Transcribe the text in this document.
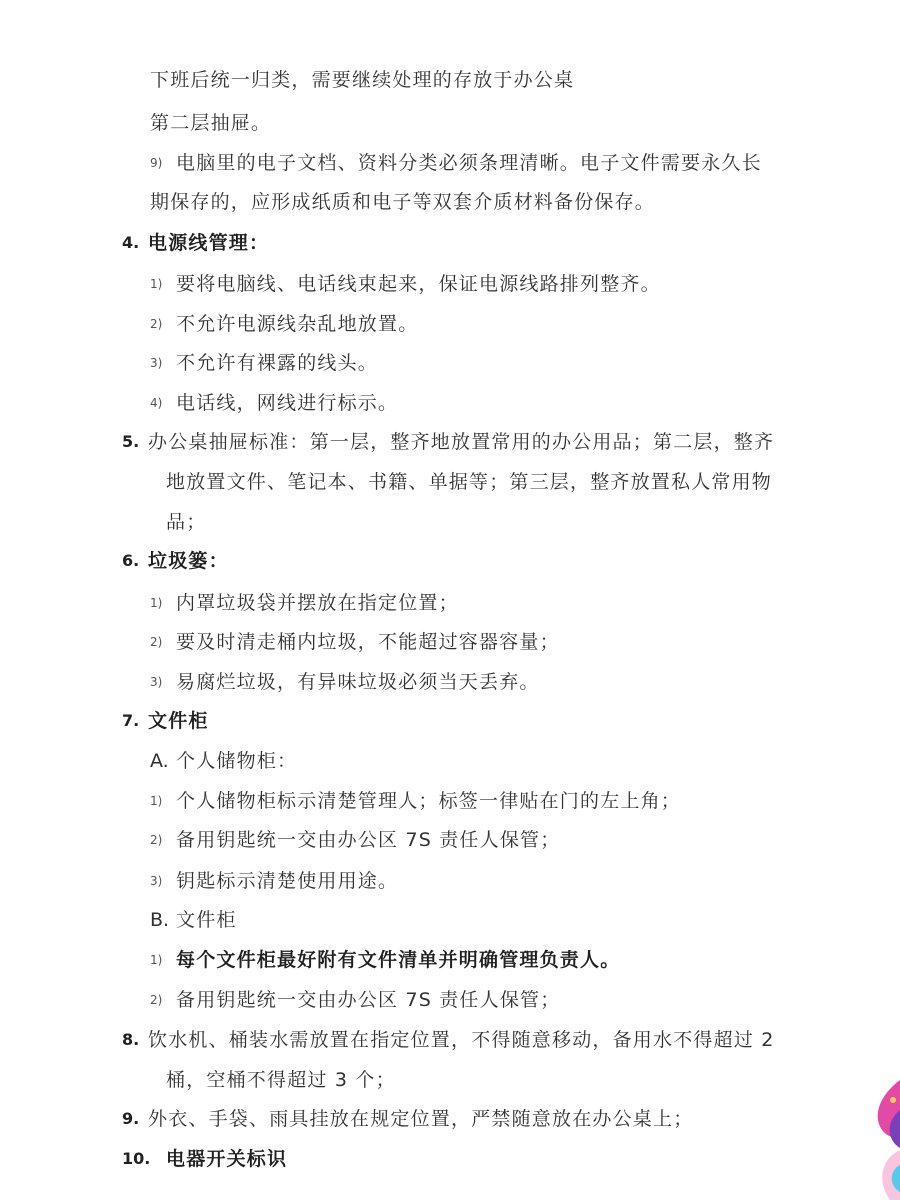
下班后统一归类，需要继续处理的存放于办公桌
第二层抽屉。
9) 电脑里的电子文档、资料分类必须条理清晰。电子文件需要永久长
期保存的，应形成纸质和电子等双套介质材料备份保存。
4. 电源线管理：
1) 要将电脑线、电话线束起来，保证电源线路排列整齐。
2) 不允许电源线杂乱地放置。
3) 不允许有裸露的线头。
4) 电话线，网线进行标示。
5. 办公桌抽屉标准：第一层，整齐地放置常用的办公用品；第二层，整齐
地放置文件、笔记本、书籍、单据等；第三层，整齐放置私人常用物
品；
6. 垃圾篓：
1) 内罩垃圾袋并摆放在指定位置；
2) 要及时清走桶内垃圾，不能超过容器容量；
3) 易腐烂垃圾，有异味垃圾必须当天丢弃。
7. 文件柜
A. 个人储物柜：
1) 个人储物柜标示清楚管理人；标签一律贴在门的左上角；
2) 备用钥匙统一交由办公区 7S 责任人保管；
3) 钥匙标示清楚使用用途。
B. 文件柜
1) 每个文件柜最好附有文件清单并明确管理负责人。
2) 备用钥匙统一交由办公区 7S 责任人保管；
8. 饮水机、桶装水需放置在指定位置，不得随意移动，备用水不得超过 2
桶，空桶不得超过 3 个；
9. 外衣、手袋、雨具挂放在规定位置，严禁随意放在办公桌上；
10. 电器开关标识
